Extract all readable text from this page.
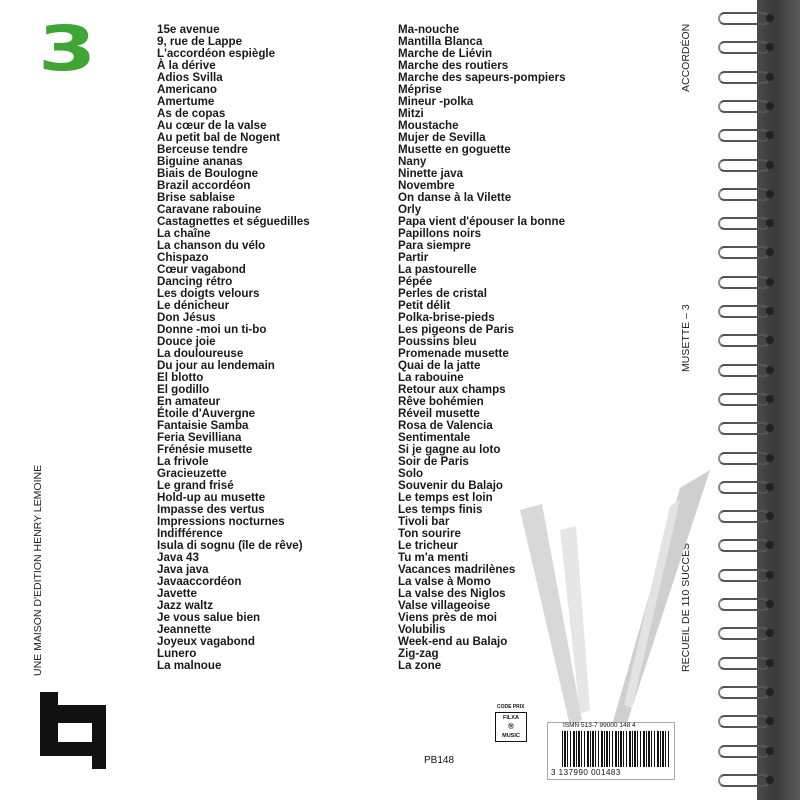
3	15e avenue
9, rue de Lappe
L'accordéon espiègle
À la dérive
Adios Svilla
Americano
Amertume
As de copas
Au cœur de la valse
Au petit bal de Nogent
Berceuse tendre
Biguine ananas
Biais de Boulogne
Brazil accordéon
Brise sablaise
Caravane rabouine
Castagnettes et séguedilles
La chaîne
La chanson du vélo
Chispazo
Cœur vagabond
Dancing rétro
Les doigts velours
Le dénicheur
Don Jésus
Donne -moi un ti-bo
Douce joie
La douloureuse
Du jour au lendemain
El blotto
El godillo
En amateur
Étoile d'Auvergne
Fantaisie Samba
Feria Sevilliana
Frénésie musette
La frivole
Gracieuzette
Le grand frisé
Hold-up au musette
Impasse des vertus
Impressions nocturnes
Indifférence
Isula di sognu (île de rêve)
Java 43
Java java
Javaaccordéon
Javette
Jazz waltz
Je vous salue bien
Jeannette
Joyeux vagabond
Lunero
La malnoue
Ma-nouche
Mantilla Blanca
Marche de Liévin
Marche des routiers
Marche des sapeurs-pompiers
Méprise
Mineur -polka
Mitzi
Moustache
Mujer de Sevilla
Musette en goguette
Nany
Ninette java
Novembre
On danse à la Vilette
Orly
Papa vient d'épouser la bonne
Papillons noirs
Para siempre
Partir
La pastourelle
Pépée
Perles de cristal
Petit délit
Polka-brise-pieds
Les pigeons de Paris
Poussins bleu
Promenade musette
Quai de la jatte
La rabouine
Retour aux champs
Rêve bohémien
Réveil musette
Rosa de Valencia
Sentimentale
Si je gagne au loto
Soir de Paris
Solo
Souvenir du Balajo
Le temps est loin
Les temps finis
Tivoli bar
Ton sourire
Le tricheur
Tu m'a menti
Vacances madrilènes
La valse à Momo
La valse des Niglos
Valse villageoise
Viens près de moi
Volubilis
Week-end au Balajo
Zig-zag
La zone
ACCORDÉON
MUSETTE – 3
RECUEIL DE 110 SUCCÈS
UNE MAISON D'EDITION HENRY LEMOINE
CODE PRIX
FILXA
Ⓦ
MUSIC
PB148
ISMN 513-7 99000 148 4
3 137990 001483
